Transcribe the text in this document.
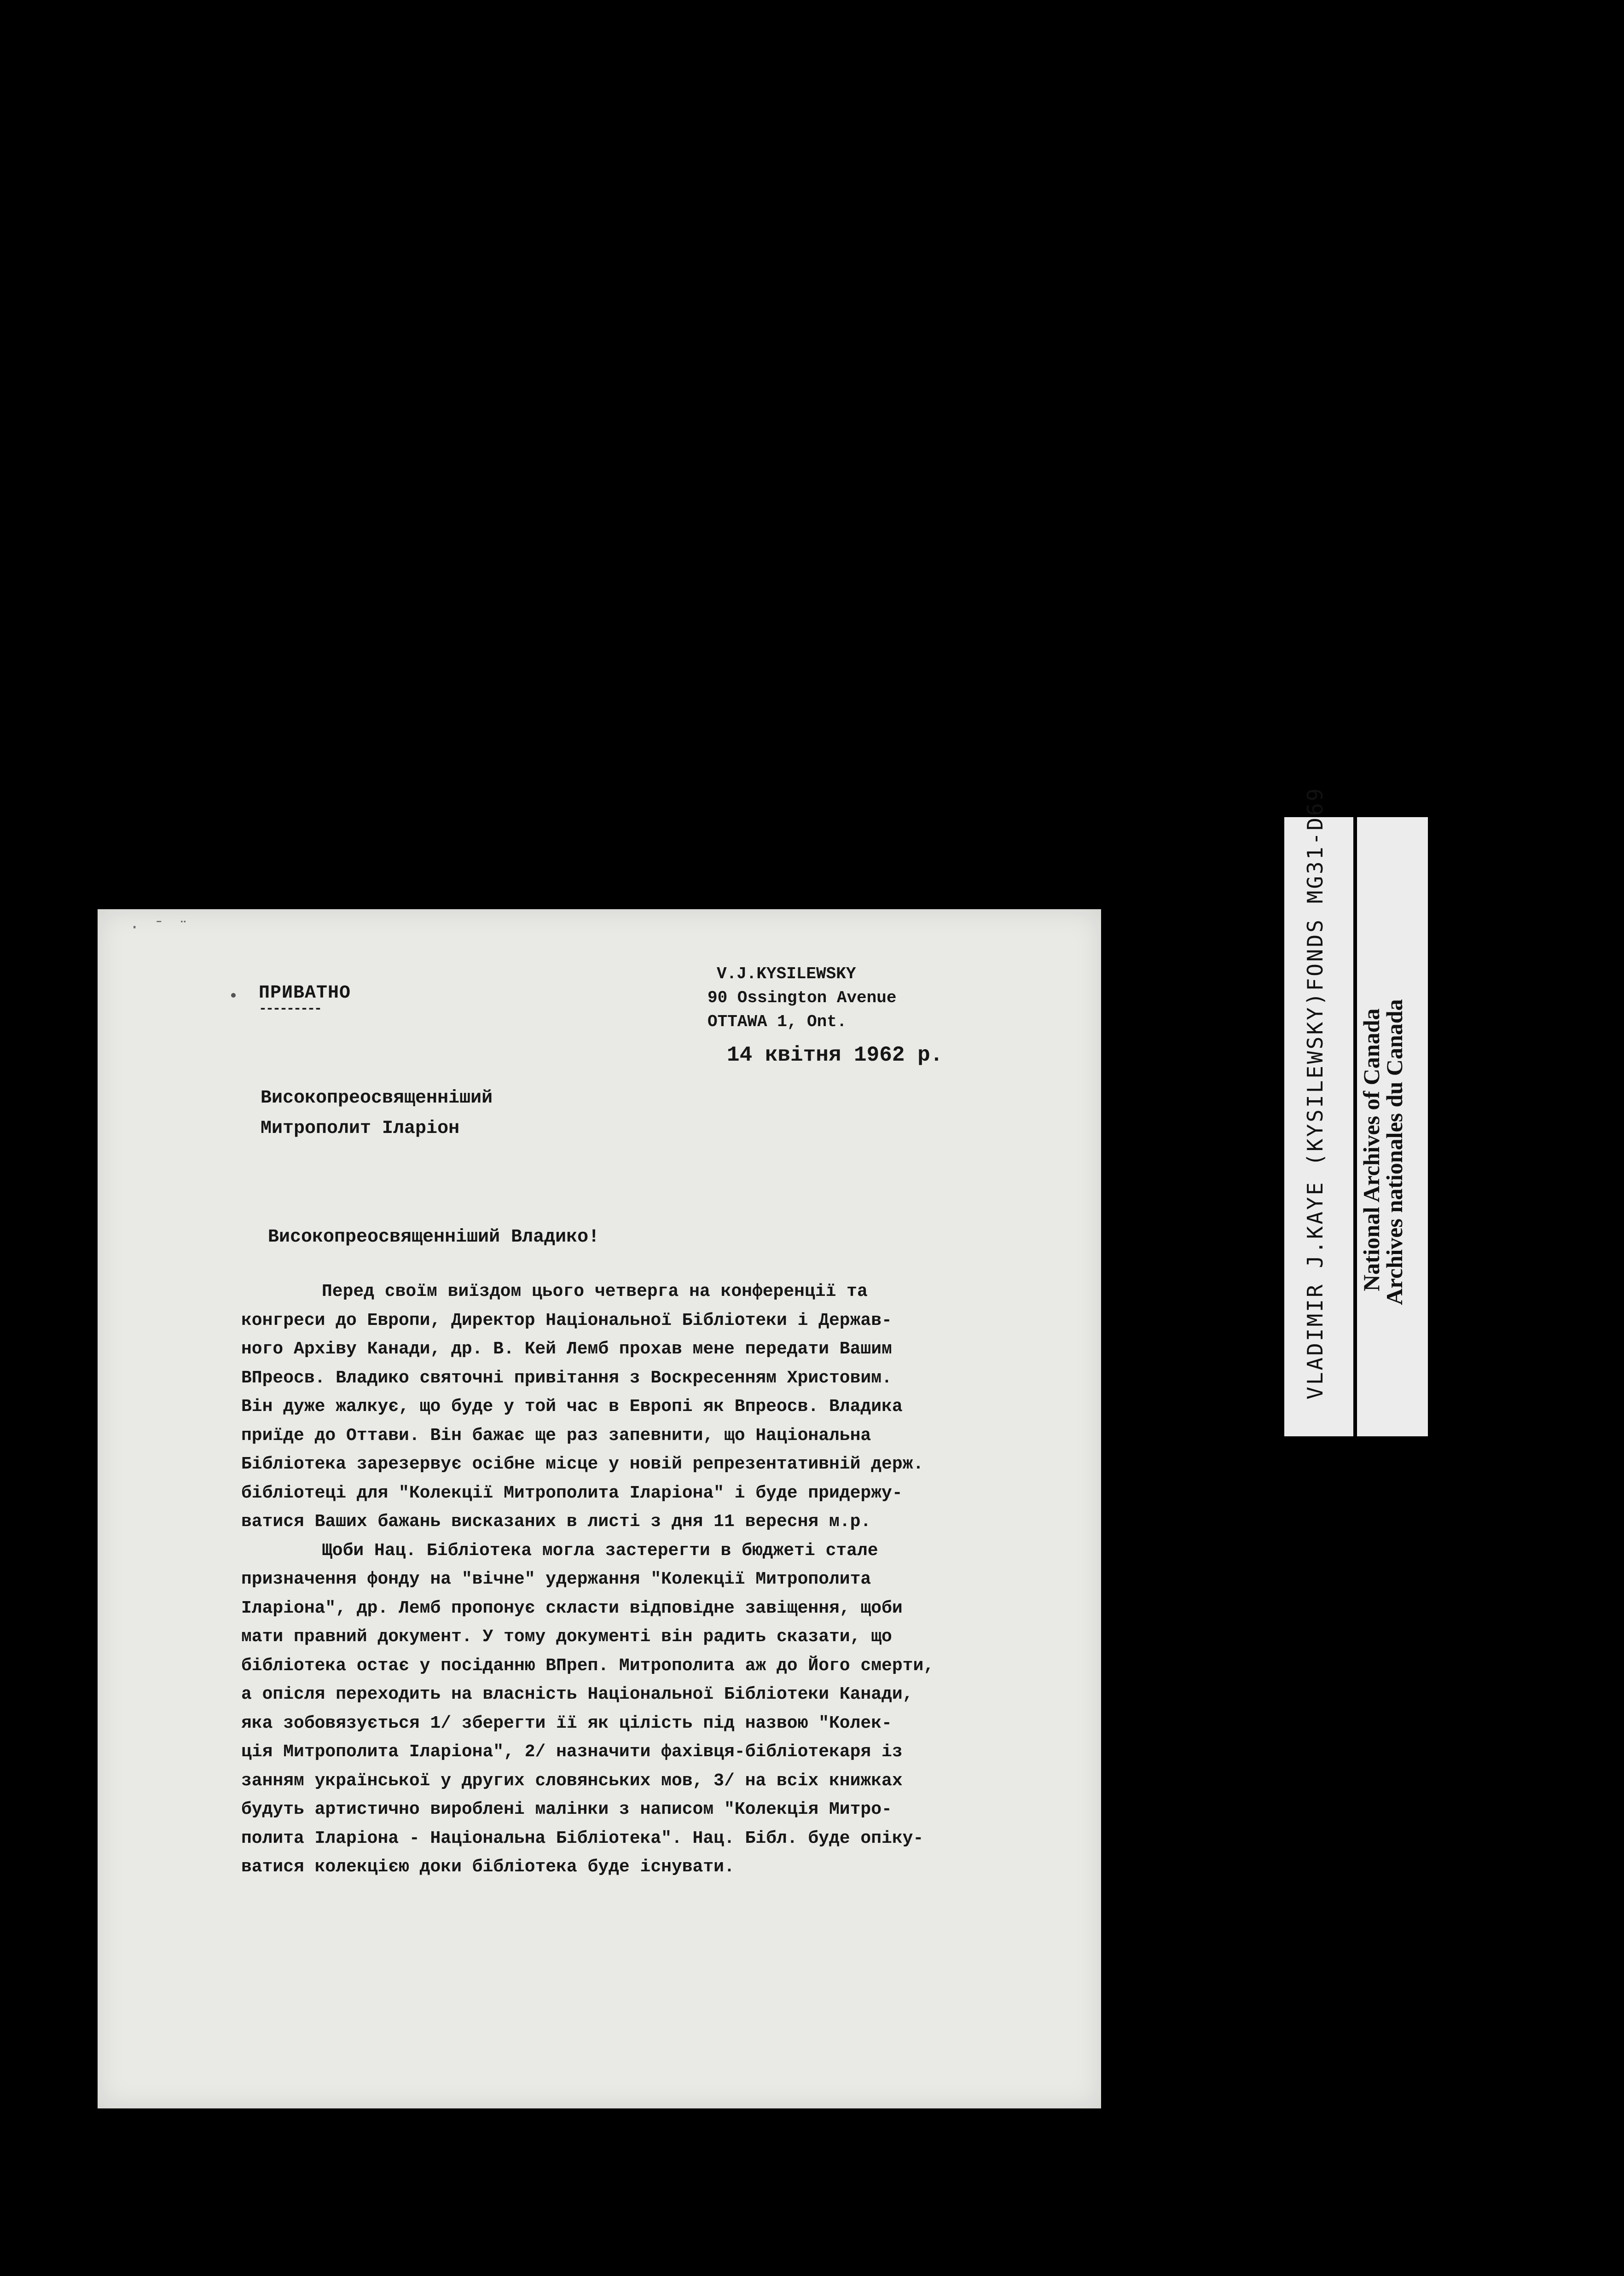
· ˉ ¨
ПРИВАТНО
---------
V.J.KYSILEWSKY
90 Ossington Avenue
OTTAWA 1, Ont.
14 квітня 1962 р.
Високопреосвященніший
Митрополит Іларіон
Високопреосвященніший Владико!
Перед своїм виїздом цього четверга на конференції та
конгреси до Европи, Директор Національної Бібліотеки і Держав-
ного Архіву Канади, др. В. Кей Лемб прохав мене передати Вашим
ВПреосв. Владико святочні привітання з Воскресенням Христовим.
Він дуже жалкує, що буде у той час в Европі як Впреосв. Владика
приїде до Оттави. Він бажає ще раз запевнити, що Національна
Бібліотека зарезервує осібне місце у новій репрезентативній держ.
бібліотеці для "Колекції Митрополита Іларіона" і буде придержу-
ватися Ваших бажань висказаних в листі з дня 11 вересня м.р.
Щоби Нац. Бібліотека могла застерегти в бюджеті стале
призначення фонду на "вічне" удержання "Колекції Митрополита
Іларіона", др. Лемб пропонує скласти відповідне завіщення, щоби
мати правний документ. У тому документі він радить сказати, що
бібліотека остає у посіданню ВПреп. Митрополита аж до Його смерти,
а опісля переходить на власність Національної Бібліотеки Канади,
яка зобовязується 1/ зберегти її як цілість під назвою "Колек-
ція Митрополита Іларіона", 2/ назначити фахівця-бібліотекаря із
занням української у других словянських мов, 3/ на всіх книжках
будуть артистично вироблені малінки з написом "Колекція Митро-
полита Іларіона - Національна Бібліотека". Нац. Бібл. буде опіку-
ватися колекцією доки бібліотека буде існувати.
VLADIMIR J.KAYE (KYSILEWSKY)FONDS MG31-D69 National Archives of Canada
Archives nationales du Canada
